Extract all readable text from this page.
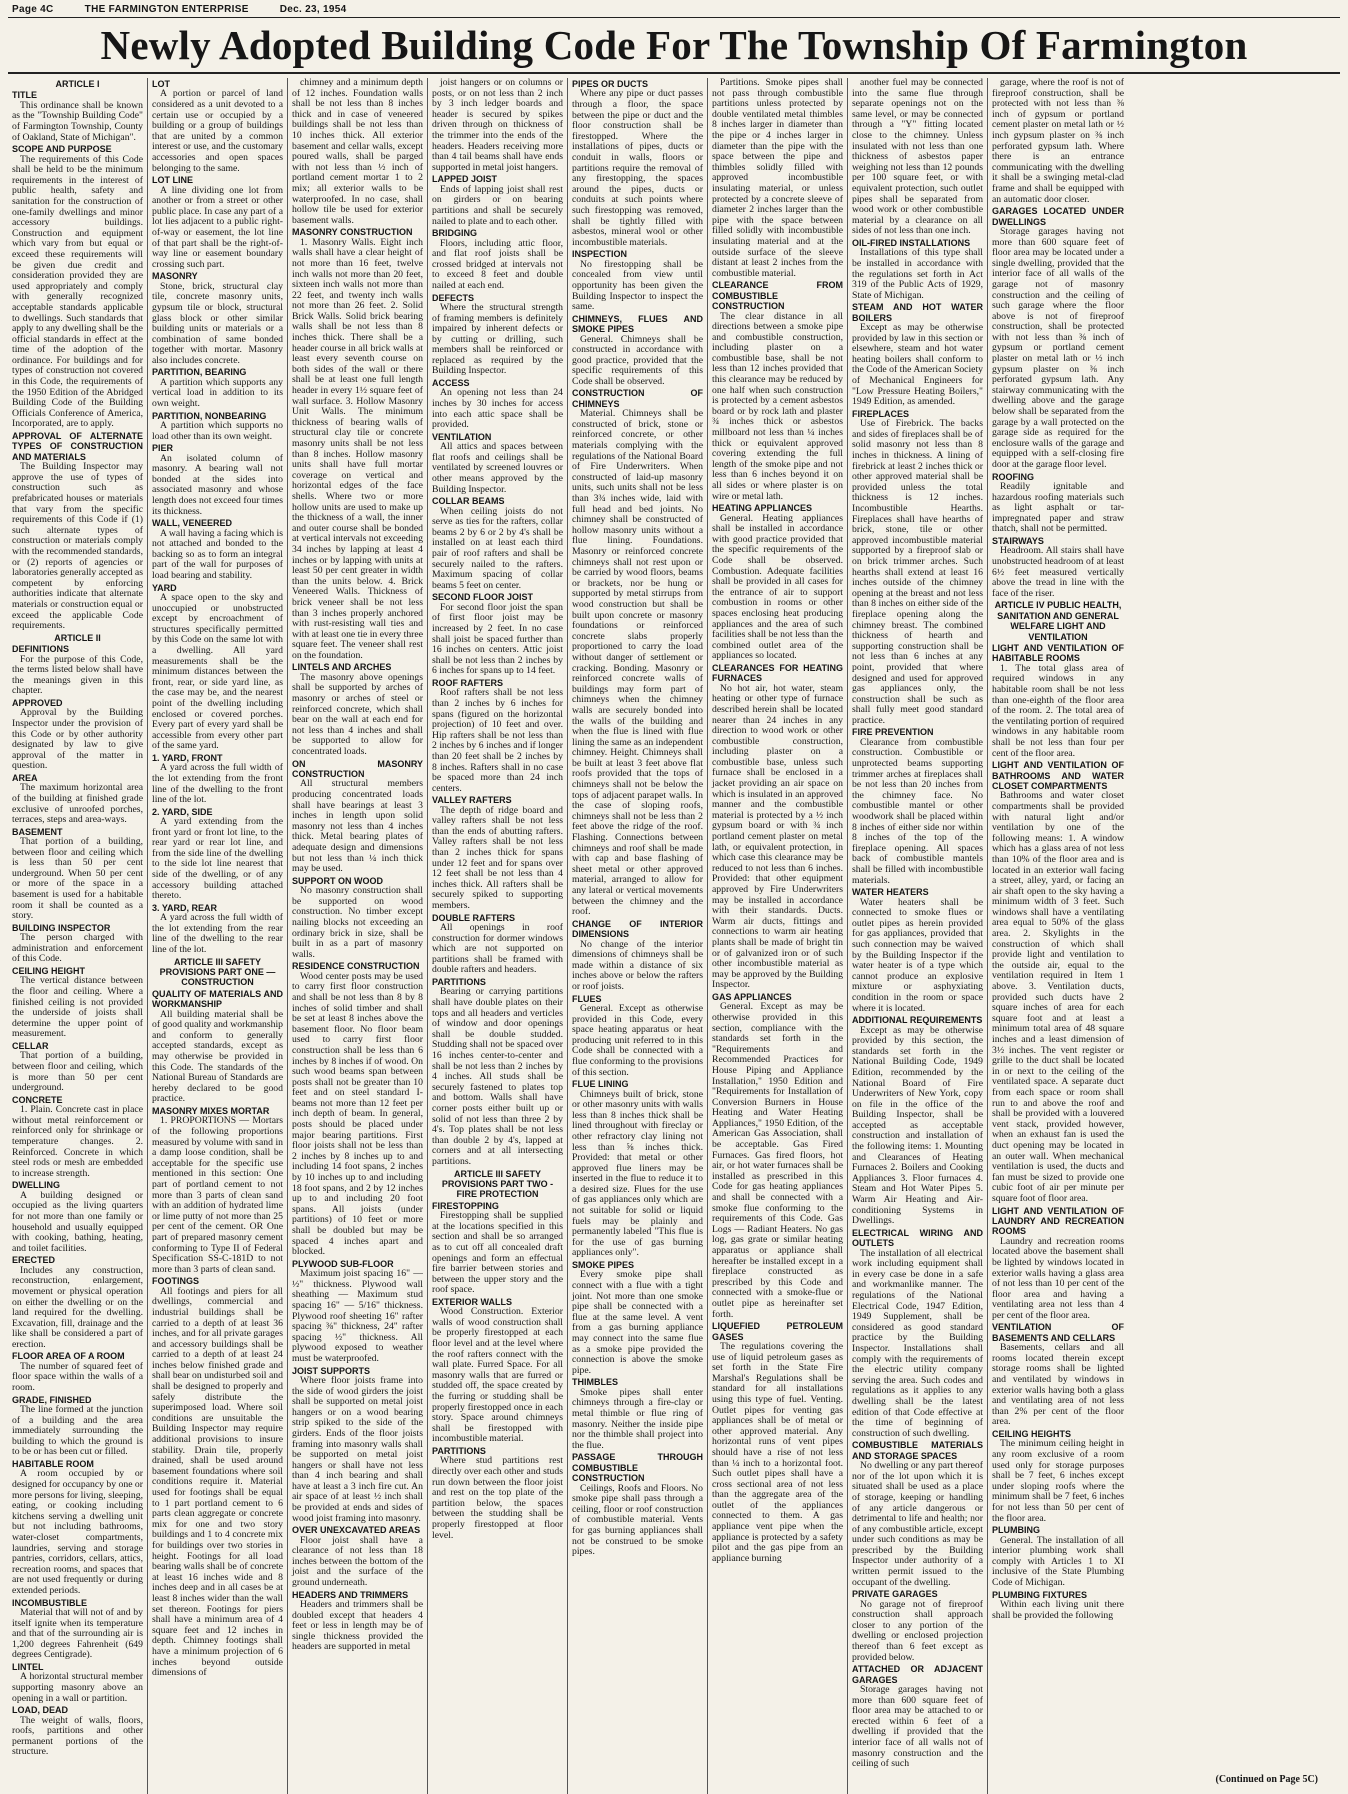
Page 4C	THE FARMINGTON ENTERPRISE	Dec. 23, 1954
Newly Adopted Building Code For The Township Of Farmington
ARTICLE I
TITLE
This ordinance shall be known as the "Township Building Code" of Farmington Township, County of Oakland, State of Michigan".
SCOPE AND PURPOSE
The requirements of this Code shall be held to be the minimum requirements in the interest of public health, safety and sanitation for the construction of one-family dwellings and minor accessory buildings. Construction and equipment which vary from but equal or exceed these requirements will be given due credit and consideration provided they are used appropriately and comply with generally recognized acceptable standards applicable to dwellings. Such standards that apply to any dwelling shall be the official standards in effect at the time of the adoption of the ordinance. For buildings and for types of construction not covered in this Code, the requirements of the 1950 Edition of the Abridged Building Code of the Building Officials Conference of America, Incorporated, are to apply.
APPROVAL OF ALTERNATE TYPES OF CONSTRUCTION AND MATERIALS
The Building Inspector may approve the use of types of construction such as prefabricated houses or materials that vary from the specific requirements of this Code if (1) such alternate types of construction or materials comply with the recommended standards, or (2) reports of agencies or laboratories generally accepted as competent by enforcing authorities indicate that alternate materials or construction equal or exceed the applicable Code requirements.
ARTICLE II
DEFINITIONS
For the purpose of this Code, the terms listed below shall have the meanings given in this chapter.
APPROVED
Approval by the Building Inspector under the provision of this Code or by other authority designated by law to give approval of the matter in question.
AREA
The maximum horizontal area of the building at finished grade exclusive of unroofed porches, terraces, steps and area-ways.
BASEMENT
That portion of a building, between floor and ceiling which is less than 50 per cent underground. When 50 per cent or more of the space in a basement is used for a habitable room it shall be counted as a story.
BUILDING INSPECTOR
The person charged with administration and enforcement of this Code.
CEILING HEIGHT
The vertical distance between the floor and ceiling. Where a finished ceiling is not provided the underside of joists shall determine the upper point of measurement.
CELLAR
That portion of a building, between floor and ceiling, which is more than 50 per cent underground.
CONCRETE
1. Plain. Concrete cast in place without metal reinforcement or reinforced only for shrinkage or temperature changes. 2. Reinforced. Concrete in which steel rods or mesh are embedded to increase strength.
DWELLING
A building designed or occupied as the living quarters for not more than one family or household and usually equipped with cooking, bathing, heating, and toilet facilities.
ERECTED
Includes any construction, reconstruction, enlargement, movement or physical operation on either the dwelling or on the land required for the dwelling. Excavation, fill, drainage and the like shall be considered a part of erection.
FLOOR AREA OF A ROOM
The number of squared feet of floor space within the walls of a room.
GRADE, FINISHED
The line formed at the junction of a building and the area immediately surrounding the building to which the ground is to be or has been cut or filled.
HABITABLE ROOM
A room occupied by or designed for occupancy by one or more persons for living, sleeping, eating, or cooking including kitchens serving a dwelling unit but not including bathrooms, water-closet compartments, laundries, serving and storage pantries, corridors, cellars, attics, recreation rooms, and spaces that are not used frequently or during extended periods.
INCOMBUSTIBLE
Material that will not of and by itself ignite when its temperature and that of the surrounding air is 1,200 degrees Fahrenheit (649 degrees Centigrade).
LINTEL
A horizontal structural member supporting masonry above an opening in a wall or partition.
LOAD, DEAD
The weight of walls, floors, roofs, partitions and other permanent portions of the structure.
LOT
A portion or parcel of land considered as a unit devoted to a certain use or occupied by a building or a group of buildings that are united by a common interest or use, and the customary accessories and open spaces belonging to the same.
LOT LINE
A line dividing one lot from another or from a street or other public place. In case any part of a lot lies adjacent to a public right-of-way or easement, the lot line of that part shall be the right-of-way line or easement boundary crossing such part.
MASONRY
Stone, brick, structural clay tile, concrete masonry units, gypsum tile or block, structural glass block or other similar building units or materials or a combination of same bonded together with mortar. Masonry also includes concrete.
PARTITION, BEARING
A partition which supports any vertical load in addition to its own weight.
PARTITION, NONBEARING
A partition which supports no load other than its own weight.
PIER
An isolated column of masonry. A bearing wall not bonded at the sides into associated masonry and whose length does not exceed four times its thickness.
WALL, VENEERED
A wall having a facing which is not attached and bonded to the backing so as to form an integral part of the wall for purposes of load bearing and stability.
YARD
A space open to the sky and unoccupied or unobstructed except by encroachment of structures specifically permitted by this Code on the same lot with a dwelling. All yard measurements shall be the minimum distances between the front, rear, or side yard line, as the case may be, and the nearest point of the dwelling including enclosed or covered porches. Every part of every yard shall be accessible from every other part of the same yard.
1. YARD, FRONT
A yard across the full width of the lot extending from the front line of the dwelling to the front line of the lot.
2. YARD, SIDE
A yard extending from the front yard or front lot line, to the rear yard or rear lot line, and from the side line of the dwelling to the side lot line nearest that side of the dwelling, or of any accessory building attached thereto.
3. YARD, REAR
A yard across the full width of the lot extending from the rear line of the dwelling to the rear line of the lot.
ARTICLE III SAFETY PROVISIONS PART ONE — CONSTRUCTION
QUALITY OF MATERIALS AND WORKMANSHIP
All building material shall be of good quality and workmanship and conform to generally accepted standards, except as may otherwise be provided in this Code. The standards of the National Bureau of Standards are hereby declared to be good practice.
MASONRY MIXES MORTAR
1. PROPORTIONS — Mortars of the following proportions measured by volume with sand in a damp loose condition, shall be acceptable for the specific use mentioned in this section: One part of portland cement to not more than 3 parts of clean sand with an addition of hydrated lime or lime putty of not more than 25 per cent of the cement. OR One part of prepared masonry cement conforming to Type II of Federal Specification SS-C-181D to not more than 3 parts of clean sand.
FOOTINGS
All footings and piers for all dwellings, commercial and industrial buildings shall be carried to a depth of at least 36 inches, and for all private garages and accessory buildings shall be carried to a depth of at least 24 inches below finished grade and shall bear on undisturbed soil and shall be designed to properly and safely distribute the superimposed load. Where soil conditions are unsuitable the Building Inspector may require additional provisions to insure stability. Drain tile, properly drained, shall be used around basement foundations where soil conditions require it. Material used for footings shall be equal to 1 part portland cement to 6 parts clean aggregate or concrete mix for one and two story buildings and 1 to 4 concrete mix for buildings over two stories in height. Footings for all load bearing walls shall be of concrete at least 16 inches wide and 8 inches deep and in all cases be at least 8 inches wider than the wall set thereon. Footings for piers shall have a minimum area of 4 square feet and 12 inches in depth. Chimney footings shall have a minimum projection of 6 inches beyond outside dimensions of
chimney and a minimum depth of 12 inches. Foundation walls shall be not less than 8 inches thick and in case of veneered buildings shall be not less than 10 inches thick. All exterior basement and cellar walls, except poured walls, shall be parged with not less than ½ inch of portland cement mortar 1 to 2 mix; all exterior walls to be waterproofed. In no case, shall hollow tile be used for exterior basement walls.
MASONRY CONSTRUCTION
1. Masonry Walls. Eight inch walls shall have a clear height of not more than 16 feet, twelve inch walls not more than 20 feet, sixteen inch walls not more than 22 feet, and twenty inch walls not more than 26 feet. 2. Solid Brick Walls. Solid brick bearing walls shall be not less than 8 inches thick. There shall be a header course in all brick walls at least every seventh course on both sides of the wall or there shall be at least one full length header in every 1½ square feet of wall surface. 3. Hollow Masonry Unit Walls. The minimum thickness of bearing walls of structural clay tile or concrete masonry units shall be not less than 8 inches. Hollow masonry units shall have full mortar coverage on vertical and horizontal edges of the face shells. Where two or more hollow units are used to make up the thickness of a wall, the inner and outer course shall be bonded at vertical intervals not exceeding 34 inches by lapping at least 4 inches or by lapping with units at least 50 per cent greater in width than the units below. 4. Brick Veneered Walls. Thickness of brick veneer shall be not less than 3 inches properly anchored with rust-resisting wall ties and with at least one tie in every three square feet. The veneer shall rest on the foundation.
LINTELS AND ARCHES
The masonry above openings shall be supported by arches of masonry or arches of steel or reinforced concrete, which shall bear on the wall at each end for not less than 4 inches and shall be supported to allow for concentrated loads.
ON MASONRY CONSTRUCTION
All structural members producing concentrated loads shall have bearings at least 3 inches in length upon solid masonry not less than 4 inches thick. Metal bearing plates of adequate design and dimensions but not less than ¼ inch thick may be used.
SUPPORT ON WOOD
No masonry construction shall be supported on wood construction. No timber except nailing blocks not exceeding an ordinary brick in size, shall be built in as a part of masonry walls.
RESIDENCE CONSTRUCTION
Wood center posts may be used to carry first floor construction and shall be not less than 8 by 8 inches of solid timber and shall be set at least 8 inches above the basement floor. No floor beam used to carry first floor construction shall be less than 6 inches by 8 inches if of wood. On such wood beams span between posts shall not be greater than 10 feet and on steel standard I-beams not more than 12 feet per inch depth of beam. In general, posts should be placed under major bearing partitions. First floor joists shall not be less than 2 inches by 8 inches up to and including 14 foot spans, 2 inches by 10 inches up to and including 18 foot spans, and 2 by 12 inches up to and including 20 foot spans. All joists (under partitions) of 10 feet or more shall be doubled but may be spaced 4 inches apart and blocked.
PLYWOOD SUB-FLOOR
Maximum joist spacing 16" — ½" thickness. Plywood wall sheathing — Maximum stud spacing 16" — 5/16" thickness. Plywood roof sheeting 16" rafter spacing ⅜" thickness, 24" rafter spacing ½" thickness. All plywood exposed to weather must be waterproofed.
JOIST SUPPORTS
Where floor joists frame into the side of wood girders the joist shall be supported on metal joist hangers or on a wood bearing strip spiked to the side of the girders. Ends of the floor joists framing into masonry walls shall be supported on metal joist hangers or shall have not less than 4 inch bearing and shall have at least a 3 inch fire cut. An air space of at least ½ inch shall be provided at ends and sides of wood joist framing into masonry.
OVER UNEXCAVATED AREAS
Floor joist shall have a clearance of not less than 18 inches between the bottom of the joist and the surface of the ground underneath.
HEADERS AND TRIMMERS
Headers and trimmers shall be doubled except that headers 4 feet or less in length may be of single thickness provided the headers are supported in metal
joist hangers or on columns or posts, or on not less than 2 inch by 3 inch ledger boards and header is secured by spikes driven through on thickness of the trimmer into the ends of the headers. Headers receiving more than 4 tail beams shall have ends supported in metal joist hangers.
LAPPED JOIST
Ends of lapping joist shall rest on girders or on bearing partitions and shall be securely nailed to plate and to each other.
BRIDGING
Floors, including attic floor, and flat roof joists shall be crossed bridged at intervals not to exceed 8 feet and double nailed at each end.
DEFECTS
Where the structural strength of framing members is definitely impaired by inherent defects or by cutting or drilling, such members shall be reinforced or replaced as required by the Building Inspector.
ACCESS
An opening not less than 24 inches by 30 inches for access into each attic space shall be provided.
VENTILATION
All attics and spaces between flat roofs and ceilings shall be ventilated by screened louvres or other means approved by the Building Inspector.
COLLAR BEAMS
When ceiling joists do not serve as ties for the rafters, collar beams 2 by 6 or 2 by 4's shall be installed on at least each third pair of roof rafters and shall be securely nailed to the rafters. Maximum spacing of collar beams 5 feet on center.
SECOND FLOOR JOIST
For second floor joist the span of first floor joist may be increased by 2 feet. In no case shall joist be spaced further than 16 inches on centers. Attic joist shall be not less than 2 inches by 6 inches for spans up to 14 feet.
ROOF RAFTERS
Roof rafters shall be not less than 2 inches by 6 inches for spans (figured on the horizontal projection) of 10 feet and over. Hip rafters shall be not less than 2 inches by 6 inches and if longer than 20 feet shall be 2 inches by 8 inches. Rafters shall in no case be spaced more than 24 inch centers.
VALLEY RAFTERS
The depth of ridge board and valley rafters shall be not less than the ends of abutting rafters. Valley rafters shall be not less than 2 inches thick for spans under 12 feet and for spans over 12 feet shall be not less than 4 inches thick. All rafters shall be securely spiked to supporting members.
DOUBLE RAFTERS
All openings in roof construction for dormer windows which are not supported on partitions shall be framed with double rafters and headers.
PARTITIONS
Bearing or carrying partitions shall have double plates on their tops and all headers and verticles of window and door openings shall be double studded. Studding shall not be spaced over 16 inches center-to-center and shall be not less than 2 inches by 4 inches. All studs shall be securely fastened to plates top and bottom. Walls shall have corner posts either built up or solid of not less than three 2 by 4's. Top plates shall be not less than double 2 by 4's, lapped at corners and at all intersecting partitions.
ARTICLE III SAFETY PROVISIONS PART TWO - FIRE PROTECTION
FIRESTOPPING
Firestopping shall be supplied at the locations specified in this section and shall be so arranged as to cut off all concealed draft openings and form an effectual fire barrier between stories and between the upper story and the roof space.
EXTERIOR WALLS
Wood Construction. Exterior walls of wood construction shall be properly firestopped at each floor level and at the level where the roof rafters connect with the wall plate. Furred Space. For all masonry walls that are furred or studded off, the space created by the furring or studding shall be properly firestopped once in each story. Space around chimneys shall be firestopped with incombustible material.
PARTITIONS
Where stud partitions rest directly over each other and studs run down between the floor joist and rest on the top plate of the partition below, the spaces between the studding shall be properly firestopped at floor level.
PIPES OR DUCTS
Where any pipe or duct passes through a floor, the space between the pipe or duct and the floor construction shall be firestopped. Where the installations of pipes, ducts or conduit in walls, floors or partitions require the removal of any firestopping, the spaces around the pipes, ducts or conduits at such points where such firestopping was removed, shall be tightly filled with asbestos, mineral wool or other incombustible materials.
INSPECTION
No firestopping shall be concealed from view until opportunity has been given the Building Inspector to inspect the same.
CHIMNEYS, FLUES AND SMOKE PIPES
General. Chimneys shall be constructed in accordance with good practice, provided that the specific requirements of this Code shall be observed.
CONSTRUCTION OF CHIMNEYS
Material. Chimneys shall be constructed of brick, stone or reinforced concrete, or other materials complying with the regulations of the National Board of Fire Underwriters. When constructed of laid-up masonry units, such units shall not be less than 3¾ inches wide, laid with full head and bed joints. No chimney shall be constructed of hollow masonry units without a flue lining. Foundations. Masonry or reinforced concrete chimneys shall not rest upon or be carried by wood floors, beams or brackets, nor be hung or supported by metal stirrups from wood construction but shall be built upon concrete or masonry foundations or reinforced concrete slabs properly proportioned to carry the load without danger of settlement or cracking. Bonding. Masonry or reinforced concrete walls of buildings may form part of chimneys when the chimney walls are securely bonded into the walls of the building and when the flue is lined with flue lining the same as an independent chimney. Height. Chimneys shall be built at least 3 feet above flat roofs provided that the tops of chimneys shall not be below the tops of adjacent parapet walls. In the case of sloping roofs, chimneys shall not be less than 2 feet above the ridge of the roof. Flashing. Connections between chimneys and roof shall be made with cap and base flashing of sheet metal or other approved material, arranged to allow for any lateral or vertical movements between the chimney and the roof.
CHANGE OF INTERIOR DIMENSIONS
No change of the interior dimensions of chimneys shall be made within a distance of six inches above or below the rafters or roof joists.
FLUES
General. Except as otherwise provided in this Code, every space heating apparatus or heat producing unit referred to in this Code shall be connected with a flue conforming to the provisions of this section.
FLUE LINING
Chimneys built of brick, stone or other masonry units with walls less than 8 inches thick shall be lined throughout with fireclay or other refractory clay lining not less than ⅝ inches thick. Provided: that metal or other approved flue liners may be inserted in the flue to reduce it to a desired size. Flues for the use of gas appliances only which are not suitable for solid or liquid fuels may be plainly and permanently labeled "This flue is for the use of gas burning appliances only".
SMOKE PIPES
Every smoke pipe shall connect with a flue with a tight joint. Not more than one smoke pipe shall be connected with a flue at the same level. A vent from a gas burning appliance may connect into the same flue as a smoke pipe provided the connection is above the smoke pipe.
THIMBLES
Smoke pipes shall enter chimneys through a fire-clay or metal thimble or flue ring of masonry. Neither the inside pipe nor the thimble shall project into the flue.
PASSAGE THROUGH COMBUSTIBLE CONSTRUCTION
Ceilings, Roofs and Floors. No smoke pipe shall pass through a ceiling, floor or roof construction of combustible material. Vents for gas burning appliances shall not be construed to be smoke pipes.
Partitions. Smoke pipes shall not pass through combustible partitions unless protected by double ventilated metal thimbles 8 inches larger in diameter than the pipe or 4 inches larger in diameter than the pipe with the space between the pipe and thimbles solidly filled with approved incombustible insulating material, or unless protected by a concrete sleeve of diameter 2 inches larger than the pipe with the space between filled solidly with incombustible insulating material and at the outside surface of the sleeve distant at least 2 inches from the combustible material.
CLEARANCE FROM COMBUSTIBLE CONSTRUCTION
The clear distance in all directions between a smoke pipe and combustible construction, including plaster on a combustible base, shall be not less than 12 inches provided that this clearance may be reduced by one half when such construction is protected by a cement asbestos board or by rock lath and plaster ¾ inches thick or asbestos millboard not less than ¼ inches thick or equivalent approved covering extending the full length of the smoke pipe and not less than 6 inches beyond it on all sides or where plaster is on wire or metal lath.
HEATING APPLIANCES
General. Heating appliances shall be installed in accordance with good practice provided that the specific requirements of the Code shall be observed. Combustion. Adequate facilities shall be provided in all cases for the entrance of air to support combustion in rooms or other spaces enclosing heat producing appliances and the area of such facilities shall be not less than the combined outlet area of the appliances so located.
CLEARANCES FOR HEATING FURNACES
No hot air, hot water, steam heating or other type of furnace described herein shall be located nearer than 24 inches in any direction to wood work or other combustible construction, including plaster on a combustible base, unless such furnace shall be enclosed in a jacket providing an air space on which is insulated in an approved manner and the combustible material is protected by a ½ inch gypsum board or with ¾ inch portland cement plaster on metal lath, or equivalent protection, in which case this clearance may be reduced to not less than 6 inches. Provided: that other equipment approved by Fire Underwriters may be installed in accordance with their standards. Ducts. Warm air ducts, fittings and connections to warm air heating plants shall be made of bright tin or of galvanized iron or of such other incombustible material as may be approved by the Building Inspector.
GAS APPLIANCES
General. Except as may be otherwise provided in this section, compliance with the standards set forth in the "Requirements and Recommended Practices for House Piping and Appliance Installation," 1950 Edition and "Requirements for Installation of Conversion Burners in House Heating and Water Heating Appliances," 1950 Edition, of the American Gas Association, shall be acceptable. Gas Fired Furnaces. Gas fired floors, hot air, or hot water furnaces shall be installed as prescribed in this Code for gas heating appliances and shall be connected with a smoke flue conforming to the requirements of this Code. Gas Logs — Radiant Heaters. No gas log, gas grate or similar heating apparatus or appliance shall hereafter be installed except in a fireplace constructed as prescribed by this Code and connected with a smoke-flue or outlet pipe as hereinafter set forth.
LIQUEFIED PETROLEUM GASES
The regulations covering the use of liquid petroleum gases as set forth in the State Fire Marshal's Regulations shall be standard for all installations using this type of fuel. Venting. Outlet pipes for venting gas appliances shall be of metal or other approved material. Any horizontal runs of vent pipes should have a rise of not less than ¼ inch to a horizontal foot. Such outlet pipes shall have a cross sectional area of not less than the aggregate area of the outlet of the appliances connected to them. A gas appliance vent pipe when the appliance is protected by a safety pilot and the gas pipe from an appliance burning
another fuel may be connected into the same flue through separate openings not on the same level, or may be connected through a "Y" fitting located close to the chimney. Unless insulated with not less than one thickness of asbestos paper weighing not less than 12 pounds per 100 square feet, or with equivalent protection, such outlet pipes shall be separated from wood work or other combustible material by a clearance on all sides of not less than one inch.
OIL-FIRED INSTALLATIONS
Installations of this type shall be installed in accordance with the regulations set forth in Act 319 of the Public Acts of 1929, State of Michigan.
STEAM AND HOT WATER BOILERS
Except as may be otherwise provided by law in this section or elsewhere, steam and hot water heating boilers shall conform to the Code of the American Society of Mechanical Engineers for "Low Pressure Heating Boilers," 1949 Edition, as amended.
FIREPLACES
Use of Firebrick. The backs and sides of fireplaces shall be of solid masonry not less than 8 inches in thickness. A lining of firebrick at least 2 inches thick or other approved material shall be provided unless the total thickness is 12 inches. Incombustible Hearths. Fireplaces shall have hearths of brick, stone, tile or other approved incombustible material supported by a fireproof slab or on brick trimmer arches. Such hearths shall extend at least 16 inches outside of the chimney opening at the breast and not less than 8 inches on either side of the fireplace opening along the chimney breast. The combined thickness of hearth and supporting construction shall be not less than 6 inches at any point, provided that where designed and used for approved gas appliances only, the construction shall be such as shall fully meet good standard practice.
FIRE PREVENTION
Clearance from combustible construction. Combustible or unprotected beams supporting trimmer arches at fireplaces shall be not less than 20 inches from the chimney face. No combustible mantel or other woodwork shall be placed within 8 inches of either side nor within 8 inches of the top of the fireplace opening. All spaces back of combustible mantels shall be filled with incombustible materials.
WATER HEATERS
Water heaters shall be connected to smoke flues or outlet pipes as herein provided for gas appliances, provided that such connection may be waived by the Building Inspector if the water heater is of a type which cannot produce an explosive mixture or asphyxiating condition in the room or space where it is located.
ADDITIONAL REQUIREMENTS
Except as may be otherwise provided by this section, the standards set forth in the National Building Code, 1949 Edition, recommended by the National Board of Fire Underwriters of New York, copy on file in the office of the Building Inspector, shall be accepted as acceptable construction and installation of the following items: 1. Mounting and Clearances of Heating Furnaces 2. Boilers and Cooking Appliances 3. Floor furnaces 4. Steam and Hot Water Pipes 5. Warm Air Heating and Air-conditioning Systems in Dwellings.
ELECTRICAL WIRING AND OUTLETS
The installation of all electrical work including equipment shall in every case be done in a safe and workmanlike manner. The regulations of the National Electrical Code, 1947 Edition, 1949 Supplement, shall be considered as good standard practice by the Building Inspector. Installations shall comply with the requirements of the electric utility company serving the area. Such codes and regulations as it applies to any dwelling shall be the latest edition of that Code effective at the time of beginning of construction of such dwelling.
COMBUSTIBLE MATERIALS AND STORAGE SPACES
No dwelling or any part thereof nor of the lot upon which it is situated shall be used as a place of storage, keeping or handling of any article dangerous or detrimental to life and health; nor of any combustible article, except under such conditions as may be prescribed by the Building Inspector under authority of a written permit issued to the occupant of the dwelling.
PRIVATE GARAGES
No garage not of fireproof construction shall approach closer to any portion of the dwelling or enclosed projection thereof than 6 feet except as provided below.
ATTACHED OR ADJACENT GARAGES
Storage garages having not more than 600 square feet of floor area may be attached to or erected within 6 feet of a dwelling if provided that the interior face of all walls not of masonry construction and the ceiling of such
garage, where the roof is not of fireproof construction, shall be protected with not less than ⅜ inch of gypsum or portland cement plaster on metal lath or ½ inch gypsum plaster on ⅜ inch perforated gypsum lath. Where there is an entrance communicating with the dwelling it shall be a swinging metal-clad frame and shall be equipped with an automatic door closer.
GARAGES LOCATED UNDER DWELLINGS
Storage garages having not more than 600 square feet of floor area may be located under a single dwelling, provided that the interior face of all walls of the garage not of masonry construction and the ceiling of such garage where the floor above is not of fireproof construction, shall be protected with not less than ⅜ inch of gypsum or portland cement plaster on metal lath or ½ inch gypsum plaster on ⅜ inch perforated gypsum lath. Any stairway communicating with the dwelling above and the garage below shall be separated from the garage by a wall protected on the garage side as required for the enclosure walls of the garage and equipped with a self-closing fire door at the garage floor level.
ROOFING
Readily ignitable and hazardous roofing materials such as light asphalt or tar-impregnated paper and straw thatch, shall not be permitted.
STAIRWAYS
Headroom. All stairs shall have unobstructed headroom of at least 6½ feet measured vertically above the tread in line with the face of the riser.
ARTICLE IV PUBLIC HEALTH, SANITATION AND GENERAL WELFARE LIGHT AND VENTILATION
LIGHT AND VENTILATION OF HABITABLE ROOMS
1. The total glass area of required windows in any habitable room shall be not less than one-eighth of the floor area of the room. 2. The total area of the ventilating portion of required windows in any habitable room shall be not less than four per cent of the floor area.
LIGHT AND VENTILATION OF BATHROOMS AND WATER CLOSET COMPARTMENTS
Bathrooms and water closet compartments shall be provided with natural light and/or ventilation by one of the following means: 1. A window which has a glass area of not less than 10% of the floor area and is located in an exterior wall facing a street, alley, yard, or facing an air shaft open to the sky having a minimum width of 3 feet. Such windows shall have a ventilating area equal to 50% of the glass area. 2. Skylights in the construction of which shall provide light and ventilation to the outside air, equal to the ventilation required in Item 1 above. 3. Ventilation ducts, provided such ducts have 2 square inches of area for each square foot and at least a minimum total area of 48 square inches and a least dimension of 3½ inches. The vent register or grille to the duct shall be located in or next to the ceiling of the ventilated space. A separate duct from each space or room shall run to and above the roof and shall be provided with a louvered vent stack, provided however, when an exhaust fan is used the duct opening may be located in an outer wall. When mechanical ventilation is used, the ducts and fan must be sized to provide one cubic foot of air per minute per square foot of floor area.
LIGHT AND VENTILATION OF LAUNDRY AND RECREATION ROOMS
Laundry and recreation rooms located above the basement shall be lighted by windows located in exterior walls having a glass area of not less than 10 per cent of the floor area and having a ventilating area not less than 4 per cent of the floor area.
VENTILATION OF BASEMENTS AND CELLARS
Basements, cellars and all rooms located therein except storage rooms shall be lighted and ventilated by windows in exterior walls having both a glass and ventilating area of not less than 2% per cent of the floor area.
CEILING HEIGHTS
The minimum ceiling height in any room exclusive of a room used only for storage purposes shall be 7 feet, 6 inches except under sloping roofs where the minimum shall be 7 feet, 6 inches for not less than 50 per cent of the floor area.
PLUMBING
General. The installation of all interior plumbing work shall comply with Articles 1 to XI inclusive of the State Plumbing Code of Michigan.
PLUMBING FIXTURES
Within each living unit there shall be provided the following
(Continued on Page 5C)
